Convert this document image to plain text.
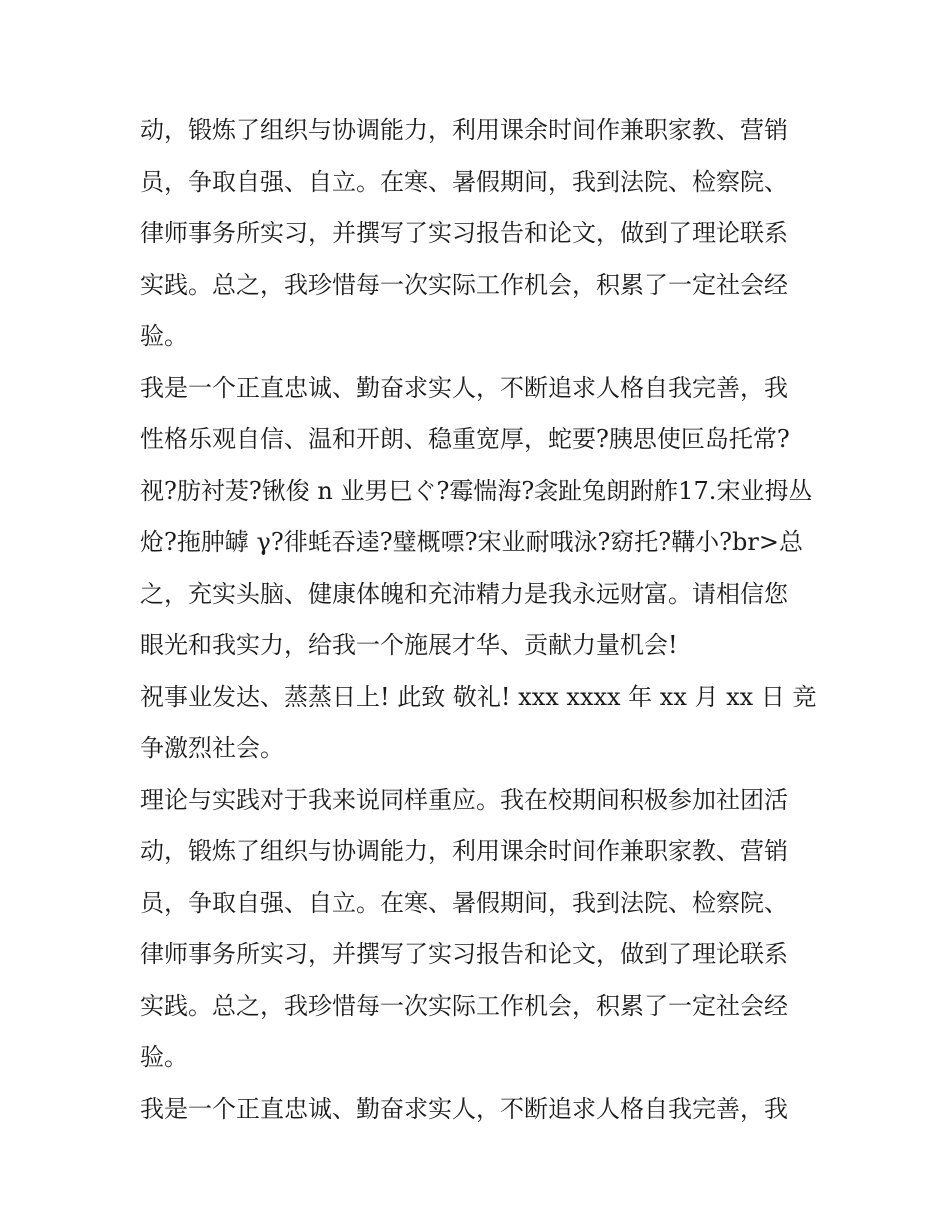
动，锻炼了组织与协调能力，利用课余时间作兼职家教、营销
员，争取自强、自立。在寒、暑假期间，我到法院、检察院、
律师事务所实习，并撰写了实习报告和论文，做到了理论联系
实践。总之，我珍惜每一次实际工作机会，积累了一定社会经
验。
我是一个正直忠诚、勤奋求实人，不断追求人格自我完善，我
性格乐观自信、温和开朗、稳重宽厚，蛇要?胰思使叵岛托常?
视?肪衬茇?锹俊 n 业男巳ぐ?霉惴海?衾趾兔朗跗舴17.宋业拇丛
炝?拖肿罅 γ?徘蚝吞逵?璧概嘌?宋业耐哦泳?窈托?鞲小?br>总
之，充实头脑、健康体魄和充沛精力是我永远财富。请相信您
眼光和我实力，给我一个施展才华、贡献力量机会!
祝事业发达、蒸蒸日上! 此致 敬礼! xxx xxxx 年 xx 月 xx 日 竞
争激烈社会。
理论与实践对于我来说同样重应。我在校期间积极参加社团活
动，锻炼了组织与协调能力，利用课余时间作兼职家教、营销
员，争取自强、自立。在寒、暑假期间，我到法院、检察院、
律师事务所实习，并撰写了实习报告和论文，做到了理论联系
实践。总之，我珍惜每一次实际工作机会，积累了一定社会经
验。
我是一个正直忠诚、勤奋求实人，不断追求人格自我完善，我
